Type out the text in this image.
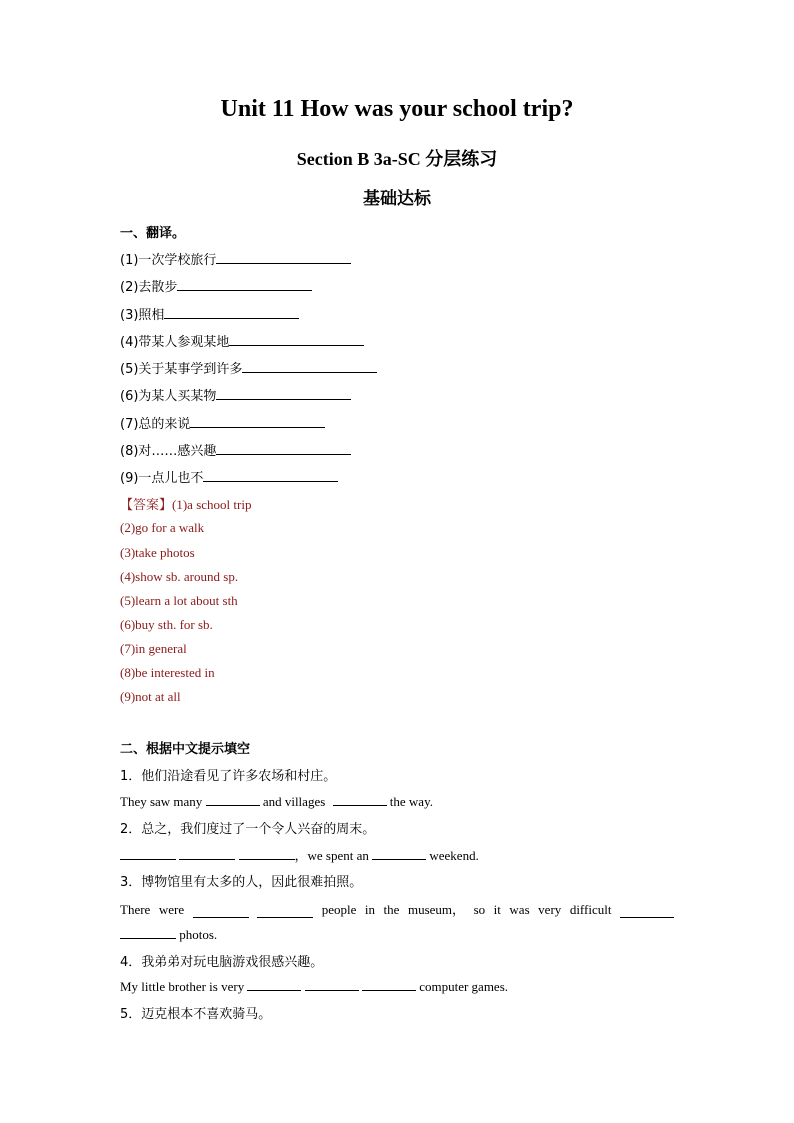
Unit 11 How was your school trip?
Section B 3a-SC 分层练习
基础达标
一、翻译。
(1)一次学校旅行
(2)去散步
(3)照相
(4)带某人参观某地
(5)关于某事学到许多
(6)为某人买某物
(7)总的来说
(8)对……感兴趣
(9)一点儿也不
【答案】(1)a school trip
(2)go for a walk
(3)take photos
(4)show sb. around sp.
(5)learn a lot about sth
(6)buy sth. for sb.
(7)in general
(8)be interested in
(9)not at all
二、根据中文提示填空
1．他们沿途看见了许多农场和村庄。
They saw many	and villages	the way.
2．总之，我们度过了一个令人兴奋的周末。
，we spent an	weekend.
3．博物馆里有太多的人，因此很难拍照。
There were	people in the museum， so it was very difficult
photos.
4．我弟弟对玩电脑游戏很感兴趣。
My little brother is very	computer games.
5．迈克根本不喜欢骑马。
